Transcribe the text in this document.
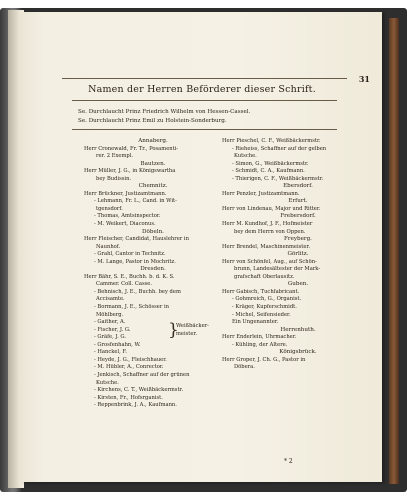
31
Namen der Herren Beförderer dieser Schrift.
Se. Durchlaucht Prinz Friedrich Wilhelm von Hessen-Cassel.
Se. Durchlaucht Prinz Emil zu Holstein-Sonderburg.
Annaberg.
Herr Cronewald, Fr. Tr., Posamenti-
rer. 2 Exempl.
Bautzen.
Herr Müller, J. G., in Königswartha
bey Budissin.
Chemnitz.
Herr Brückner, Justizamtmann.
- Lehmann, Fr. L., Cand. in Wit-
tgensdorf.
- Thomas, Amtsinspector.
- M. Weikert, Diaconus.
Döbeln.
Herr Fleischer, Candidat, Hauslehrer in
Naunhof.
- Grahl, Cantor in Technitz.
- M. Lange, Pastor in Mochritz.
Dresden.
Herr Bähr, S. E., Buchh. b. d. K. S.
Cammer. Coll. Casse.
- Behnisch, J. E., Buchh. bey dem
Accisamte.
- Bormann, J. E., Schösser in
Möhlberg.
- Gaither, A.
- Fischer, J. G.
- Gräfe, J. G.
- Grosfenhahn, W.
- Hanckel, F.
}
Weißbäcker-
meister.
- Heyde, J. G., Fleischhauer.
- M. Hübler, A., Conrector.
- Jenkisch, Schaffner auf der grünen
Kutsche.
- Kirchens, C. T., Weißbäckermstr.
- Kirsten, Fr., Hofsrganist.
- Reppenbrink, J. A., Kaufmann.
Herr Pieschel, C. F., Weißbäckermstr.
- Rieheiss, Schaffner auf der gelben
Kutsche.
- Simon, G., Weißbäckermstr.
- Schmidt, C. A., Kaufmann.
- Thierigen, C. F., Weißbäckermstr.
Ebersdorf.
Herr Penzler, Justizamtmann.
Erfurt.
Herr von Lindenau, Major und Ritter.
Frebersdorf.
Herr M. Kundhof, J. F., Hofmeister
bey dem Herrn von Oppen.
Freyberg.
Herr Brendel, Maschinenmeister.
Görlitz.
Herr von Schönfel, Aug., auf Schön-
brunn, Landesältester der Mark-
grafschaft Oberlausitz.
Guben.
Herr Gabisch, Tuchfabricant.
- Gohmreich, G., Organist.
- Kräger, Kupferschmidt.
- Michel, Seifensieder.
Ein Ungenannter.
Herrenhuth.
Herr Enderlein, Uhrmacher.
- Kühling, der Ältere.
Königsbrück.
Herr Groper, J. Ch. G., Pastor in
Döbera.
* 2
